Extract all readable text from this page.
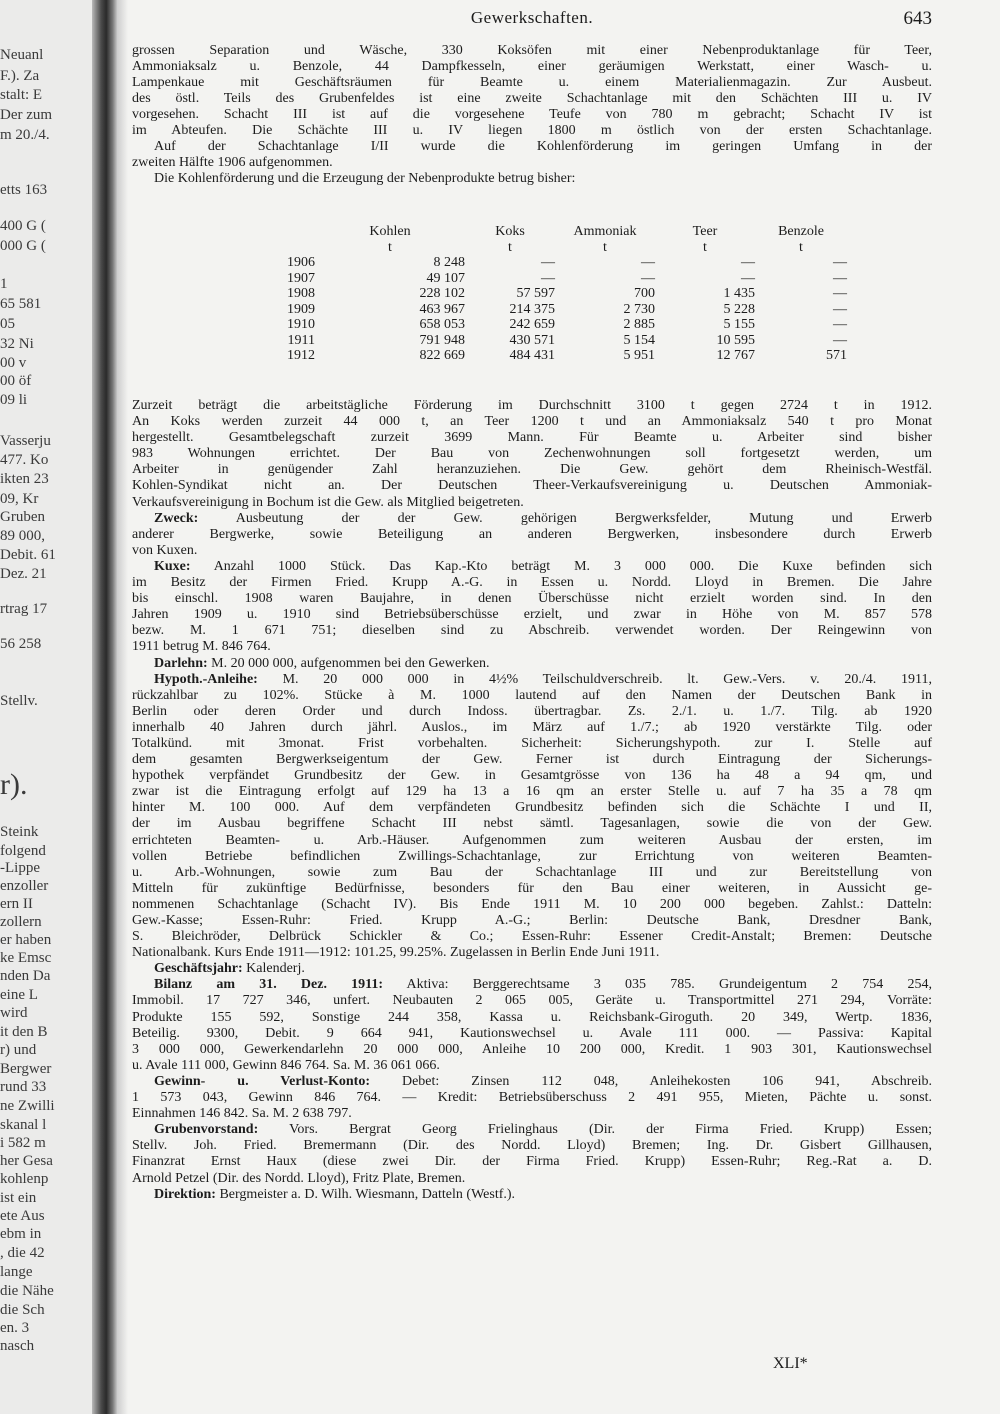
Neuanl
F.). Za
stalt: E
Der zum
m 20./4.
etts 163
400 G (
000 G (
1
65 581
05
32 Ni
00 v
00 öf
09 li
Vasserju
477. Ko
ikten 23
09, Kr
Gruben
89 000,
Debit. 61
Dez. 21
rtrag 17
56 258
Stellv.
r).
Steink
folgend
-Lippe
enzoller
ern II
zollern
er haben
ke Emsc
nden Da
eine L
wird
it den B
r) und
Bergwer
rund 33
ne Zwilli
skanal l
i 582 m
her Gesa
kohlenp
ist ein
ete Aus
ebm in
, die 42
lange
die Nähe
die Sch
en. 3
nasch
Gewerkschaften.	643
grossen Separation und Wäsche, 330 Koksöfen mit einer Nebenproduktanlage für Teer,
Ammoniaksalz u. Benzole, 44 Dampfkesseln, einer geräumigen Werkstatt, einer Wasch- u.
Lampenkaue mit Geschäftsräumen für Beamte u. einem Materialienmagazin. Zur Ausbeut.
des östl. Teils des Grubenfeldes ist eine zweite Schachtanlage mit den Schächten III u. IV
vorgesehen. Schacht III ist auf die vorgesehene Teufe von 780 m gebracht; Schacht IV ist
im Abteufen. Die Schächte III u. IV liegen 1800 m östlich von der ersten Schachtanlage.
Auf der Schachtanlage I/II wurde die Kohlenförderung im geringen Umfang in der
zweiten Hälfte 1906 aufgenommen.
Die Kohlenförderung und die Erzeugung der Nebenprodukte betrug bisher:
	Kohlen	Koks	Ammoniak	Teer	Benzole
	t	t	t	t	t
1906	8 248	—	—	—	—
1907	49 107	—	—	—	—
1908	228 102	57 597	700	1 435	—
1909	463 967	214 375	2 730	5 228	—
1910	658 053	242 659	2 885	5 155	—
1911	791 948	430 571	5 154	10 595	—
1912	822 669	484 431	5 951	12 767	571
Zurzeit beträgt die arbeitstägliche Förderung im Durchschnitt 3100 t gegen 2724 t in 1912.
An Koks werden zurzeit 44 000 t, an Teer 1200 t und an Ammoniaksalz 540 t pro Monat
hergestellt. Gesamtbelegschaft zurzeit 3699 Mann. Für Beamte u. Arbeiter sind bisher
983 Wohnungen errichtet. Der Bau von Zechenwohnungen soll fortgesetzt werden, um
Arbeiter in genügender Zahl heranzuziehen. Die Gew. gehört dem Rheinisch-Westfäl.
Kohlen-Syndikat nicht an. Der Deutschen Theer-Verkaufsvereinigung u. Deutschen Ammoniak-
Verkaufsvereinigung in Bochum ist die Gew. als Mitglied beigetreten.
Zweck: Ausbeutung der der Gew. gehörigen Bergwerksfelder, Mutung und Erwerb
anderer Bergwerke, sowie Beteiligung an anderen Bergwerken, insbesondere durch Erwerb
von Kuxen.
Kuxe: Anzahl 1000 Stück. Das Kap.-Kto beträgt M. 3 000 000. Die Kuxe befinden sich
im Besitz der Firmen Fried. Krupp A.-G. in Essen u. Nordd. Lloyd in Bremen. Die Jahre
bis einschl. 1908 waren Baujahre, in denen Überschüsse nicht erzielt worden sind. In den
Jahren 1909 u. 1910 sind Betriebsüberschüsse erzielt, und zwar in Höhe von M. 857 578
bezw. M. 1 671 751; dieselben sind zu Abschreib. verwendet worden. Der Reingewinn von
1911 betrug M. 846 764.
Darlehn: M. 20 000 000, aufgenommen bei den Gewerken.
Hypoth.-Anleihe: M. 20 000 000 in 4½% Teilschuldverschreib. lt. Gew.-Vers. v. 20./4. 1911,
rückzahlbar zu 102%. Stücke à M. 1000 lautend auf den Namen der Deutschen Bank in
Berlin oder deren Order und durch Indoss. übertragbar. Zs. 2./1. u. 1./7. Tilg. ab 1920
innerhalb 40 Jahren durch jährl. Auslos., im März auf 1./7.; ab 1920 verstärkte Tilg. oder
Totalkünd. mit 3monat. Frist vorbehalten. Sicherheit: Sicherungshypoth. zur I. Stelle auf
dem gesamten Bergwerkseigentum der Gew. Ferner ist durch Eintragung der Sicherungs-
hypothek verpfändet Grundbesitz der Gew. in Gesamtgrösse von 136 ha 48 a 94 qm, und
zwar ist die Eintragung erfolgt auf 129 ha 13 a 16 qm an erster Stelle u. auf 7 ha 35 a 78 qm
hinter M. 100 000. Auf dem verpfändeten Grundbesitz befinden sich die Schächte I und II,
der im Ausbau begriffene Schacht III nebst sämtl. Tagesanlagen, sowie die von der Gew.
errichteten Beamten- u. Arb.-Häuser. Aufgenommen zum weiteren Ausbau der ersten, im
vollen Betriebe befindlichen Zwillings-Schachtanlage, zur Errichtung von weiteren Beamten-
u. Arb.-Wohnungen, sowie zum Bau der Schachtanlage III und zur Bereitstellung von
Mitteln für zukünftige Bedürfnisse, besonders für den Bau einer weiteren, in Aussicht ge-
nommenen Schachtanlage (Schacht IV). Bis Ende 1911 M. 10 200 000 begeben. Zahlst.: Datteln:
Gew.-Kasse; Essen-Ruhr: Fried. Krupp A.-G.; Berlin: Deutsche Bank, Dresdner Bank,
S. Bleichröder, Delbrück Schickler & Co.; Essen-Ruhr: Essener Credit-Anstalt; Bremen: Deutsche
Nationalbank. Kurs Ende 1911—1912: 101.25, 99.25%. Zugelassen in Berlin Ende Juni 1911.
Geschäftsjahr: Kalenderj.
Bilanz am 31. Dez. 1911: Aktiva: Berggerechtsame 3 035 785. Grundeigentum 2 754 254,
Immobil. 17 727 346, unfert. Neubauten 2 065 005, Geräte u. Transportmittel 271 294, Vorräte:
Produkte 155 592, Sonstige 244 358, Kassa u. Reichsbank-Giroguth. 20 349, Wertp. 1836,
Beteilig. 9300, Debit. 9 664 941, Kautionswechsel u. Avale 111 000. — Passiva: Kapital
3 000 000, Gewerkendarlehn 20 000 000, Anleihe 10 200 000, Kredit. 1 903 301, Kautionswechsel
u. Avale 111 000, Gewinn 846 764. Sa. M. 36 061 066.
Gewinn- u. Verlust-Konto: Debet: Zinsen 112 048, Anleihekosten 106 941, Abschreib.
1 573 043, Gewinn 846 764. — Kredit: Betriebsüberschuss 2 491 955, Mieten, Pächte u. sonst.
Einnahmen 146 842. Sa. M. 2 638 797.
Grubenvorstand: Vors. Bergrat Georg Frielinghaus (Dir. der Firma Fried. Krupp) Essen;
Stellv. Joh. Fried. Bremermann (Dir. des Nordd. Lloyd) Bremen; Ing. Dr. Gisbert Gillhausen,
Finanzrat Ernst Haux (diese zwei Dir. der Firma Fried. Krupp) Essen-Ruhr; Reg.-Rat a. D.
Arnold Petzel (Dir. des Nordd. Lloyd), Fritz Plate, Bremen.
Direktion: Bergmeister a. D. Wilh. Wiesmann, Datteln (Westf.).
XLI*
